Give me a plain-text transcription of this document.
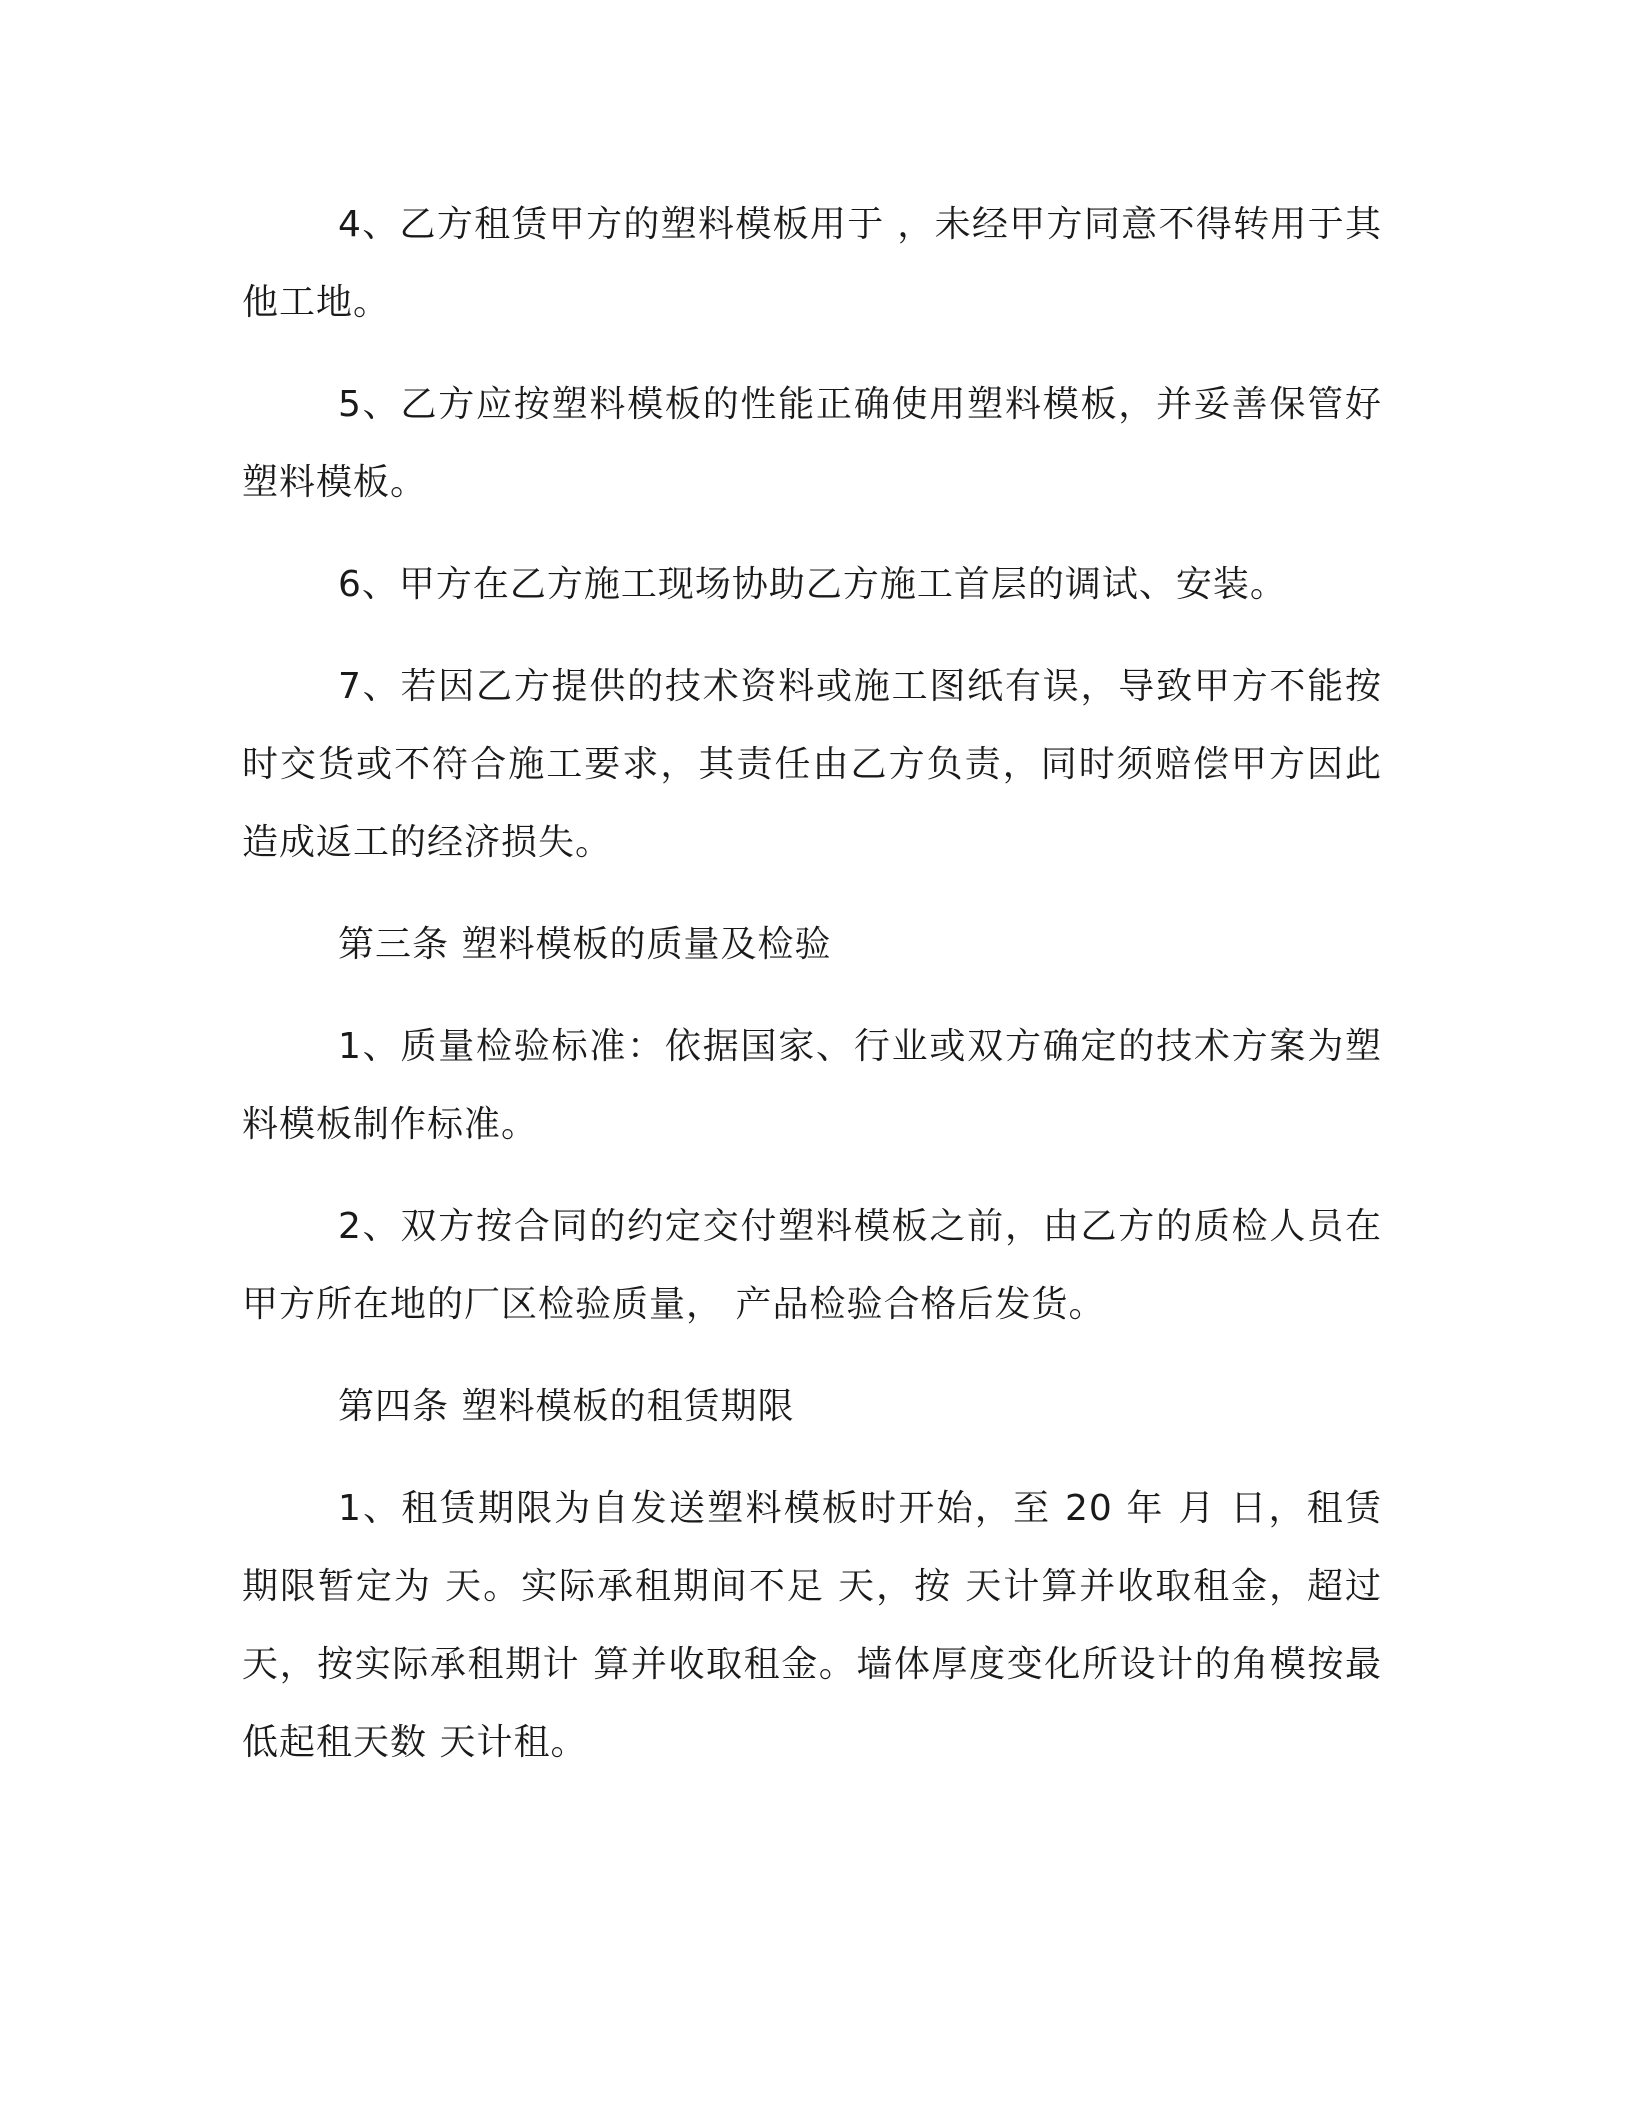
4、乙方租赁甲方的塑料模板用于 ，未经甲方同意不得转用于其他工地。

5、乙方应按塑料模板的性能正确使用塑料模板，并妥善保管好塑料模板。

6、甲方在乙方施工现场协助乙方施工首层的调试、安装。

7、若因乙方提供的技术资料或施工图纸有误，导致甲方不能按时交货或不符合施工要求，其责任由乙方负责，同时须赔偿甲方因此造成返工的经济损失。

第三条 塑料模板的质量及检验

1、质量检验标准：依据国家、行业或双方确定的技术方案为塑料模板制作标准。

2、双方按合同的约定交付塑料模板之前，由乙方的质检人员在甲方所在地的厂区检验质量， 产品检验合格后发货。

第四条 塑料模板的租赁期限

1、租赁期限为自发送塑料模板时开始，至 20 年 月 日，租赁期限暂定为 天。实际承租期间不足 天，按 天计算并收取租金，超过 天，按实际承租期计 算并收取租金。墙体厚度变化所设计的角模按最低起租天数 天计租。
